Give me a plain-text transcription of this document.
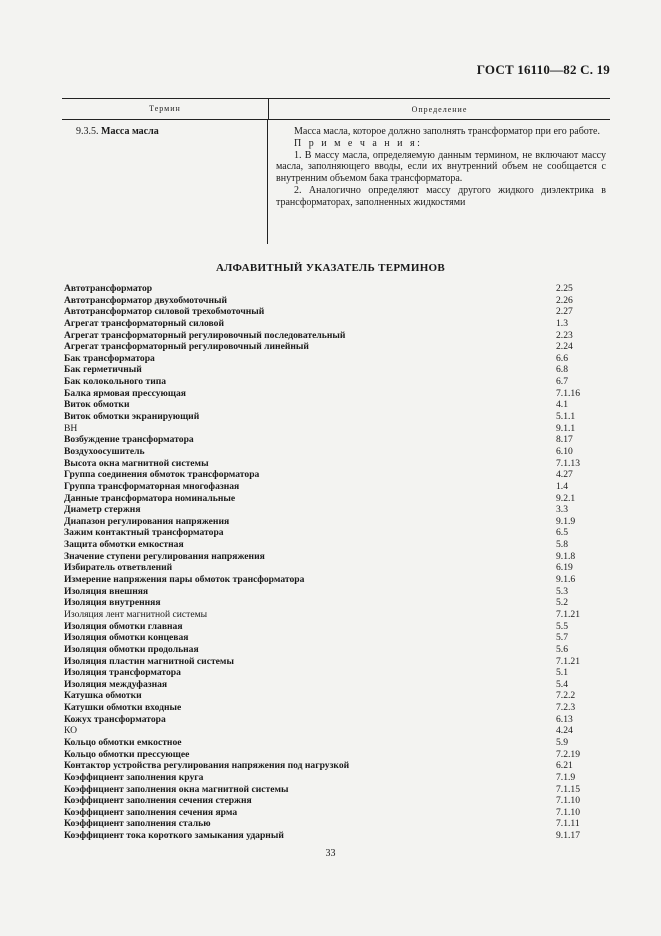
ГОСТ 16110—82 С. 19
Термин	Определение
9.3.5. Масса масла	Масса масла, которое должно заполнять трансформатор при его работе.

П р и м е ч а н и я:

1. В массу масла, определяемую данным термином, не включают массу масла, заполняющего вводы, если их внутренний объем не сообщается с внутренним объемом бака трансформатора.

2. Аналогично определяют массу другого жидкого диэлектрика в трансформаторах, заполненных жидкостями

АЛФАВИТНЫЙ УКАЗАТЕЛЬ ТЕРМИНОВ
Автотрансформатор	2.25
Автотрансформатор двухобмоточный	2.26
Автотрансформатор силовой трехобмоточный	2.27
Агрегат трансформаторный силовой	1.3
Агрегат трансформаторный регулировочный последовательный	2.23
Агрегат трансформаторный регулировочный линейный	2.24
Бак трансформатора	6.6
Бак герметичный	6.8
Бак колокольного типа	6.7
Балка ярмовая прессующая	7.1.16
Виток обмотки	4.1
Виток обмотки экранирующий	5.1.1
ВН	9.1.1
Возбуждение трансформатора	8.17
Воздухоосушитель	6.10
Высота окна магнитной системы	7.1.13
Группа соединения обмоток трансформатора	4.27
Группа трансформаторная многофазная	1.4
Данные трансформатора номинальные	9.2.1
Диаметр стержня	3.3
Диапазон регулирования напряжения	9.1.9
Зажим контактный трансформатора	6.5
Защита обмотки емкостная	5.8
Значение ступени регулирования напряжения	9.1.8
Избиратель ответвлений	6.19
Измерение напряжения пары обмоток трансформатора	9.1.6
Изоляция внешняя	5.3
Изоляция внутренняя	5.2
Изоляция лент магнитной системы	7.1.21
Изоляция обмотки главная	5.5
Изоляция обмотки концевая	5.7
Изоляция обмотки продольная	5.6
Изоляция пластин магнитной системы	7.1.21
Изоляция трансформатора	5.1
Изоляция междуфазная	5.4
Катушка обмотки	7.2.2
Катушки обмотки входные	7.2.3
Кожух трансформатора	6.13
КО	4.24
Кольцо обмотки емкостное	5.9
Кольцо обмотки прессующее	7.2.19
Контактор устройства регулирования напряжения под нагрузкой	6.21
Коэффициент заполнения круга	7.1.9
Коэффициент заполнения окна магнитной системы	7.1.15
Коэффициент заполнения сечения стержня	7.1.10
Коэффициент заполнения сечения ярма	7.1.10
Коэффициент заполнения сталью	7.1.11
Коэффициент тока короткого замыкания ударный	9.1.17
33
